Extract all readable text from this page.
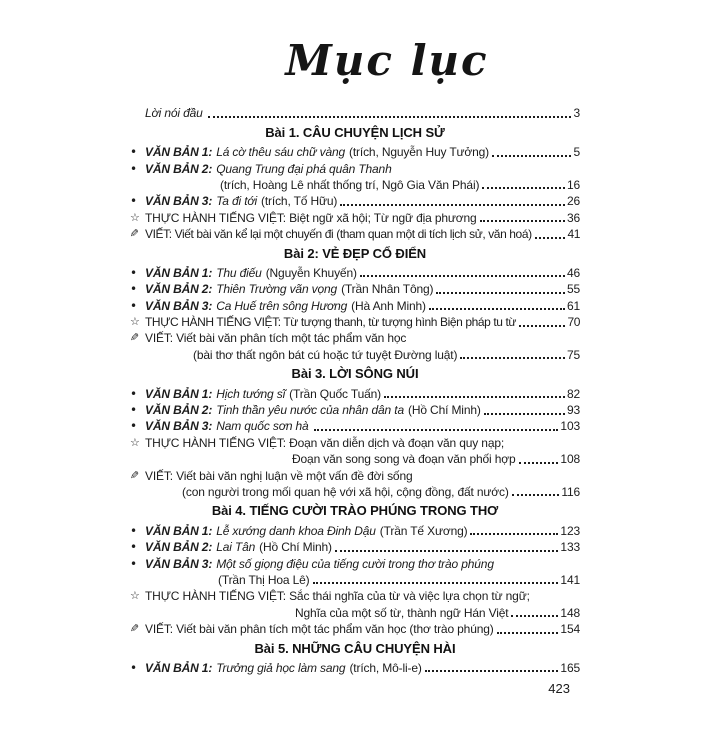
Mục lục
Lời nói đầu	3
Bài 1. CÂU CHUYỆN LỊCH SỬ
• VĂN BẢN 1: Lá cờ thêu sáu chữ vàng (trích, Nguyễn Huy Tưởng)	5
• VĂN BẢN 2: Quang Trung đại phá quân Thanh
(trích, Hoàng Lê nhất thống trí, Ngô Gia Văn Phái)	16
• VĂN BẢN 3: Ta đi tới (trích, Tố Hữu)	26
☆ THỰC HÀNH TIẾNG VIỆT: Biệt ngữ xã hội; Từ ngữ địa phương	36
✎ VIẾT: Viết bài văn kể lại một chuyến đi (tham quan một di tích lịch sử, văn hoá)	41
Bài 2: VẺ ĐẸP CỔ ĐIỂN
• VĂN BẢN 1: Thu điếu (Nguyễn Khuyến)	46
• VĂN BẢN 2: Thiên Trường vãn vọng (Trần Nhân Tông)	55
• VĂN BẢN 3: Ca Huế trên sông Hương (Hà Anh Minh)	61
☆ THỰC HÀNH TIẾNG VIỆT: Từ tượng thanh, từ tượng hình Biện pháp tu từ	70
✎ VIẾT: Viết bài văn phân tích một tác phẩm văn học
(bài thơ thất ngôn bát cú hoặc tứ tuyệt Đường luật)	75
Bài 3. LỜI SÔNG NÚI
• VĂN BẢN 1: Hịch tướng sĩ (Trần Quốc Tuấn)	82
• VĂN BẢN 2: Tinh thần yêu nước của nhân dân ta (Hồ Chí Minh)	93
• VĂN BẢN 3: Nam quốc sơn hà	103
☆ THỰC HÀNH TIẾNG VIỆT: Đoạn văn diễn dịch và đoạn văn quy nạp;
Đoạn văn song song và đoạn văn phối hợp	108
✎ VIẾT: Viết bài văn nghị luận về một vấn đề đời sống
(con người trong mối quan hệ với xã hội, cộng đồng, đất nước)	116
Bài 4. TIẾNG CƯỜI TRÀO PHÚNG TRONG THƠ
• VĂN BẢN 1: Lễ xướng danh khoa Đinh Dậu (Trần Tế Xương)	123
• VĂN BẢN 2: Lai Tân (Hồ Chí Minh)	133
• VĂN BẢN 3: Một số giọng điệu của tiếng cười trong thơ trào phúng
(Trần Thị Hoa Lê)	141
☆ THỰC HÀNH TIẾNG VIỆT: Sắc thái nghĩa của từ và việc lựa chọn từ ngữ;
Nghĩa của một số từ, thành ngữ Hán Việt	148
✎ VIẾT: Viết bài văn phân tích một tác phẩm văn học (thơ trào phúng)	154
Bài 5. NHỮNG CÂU CHUYỆN HÀI
• VĂN BẢN 1: Trưởng giả học làm sang (trích, Mô-li-e)	165
423
